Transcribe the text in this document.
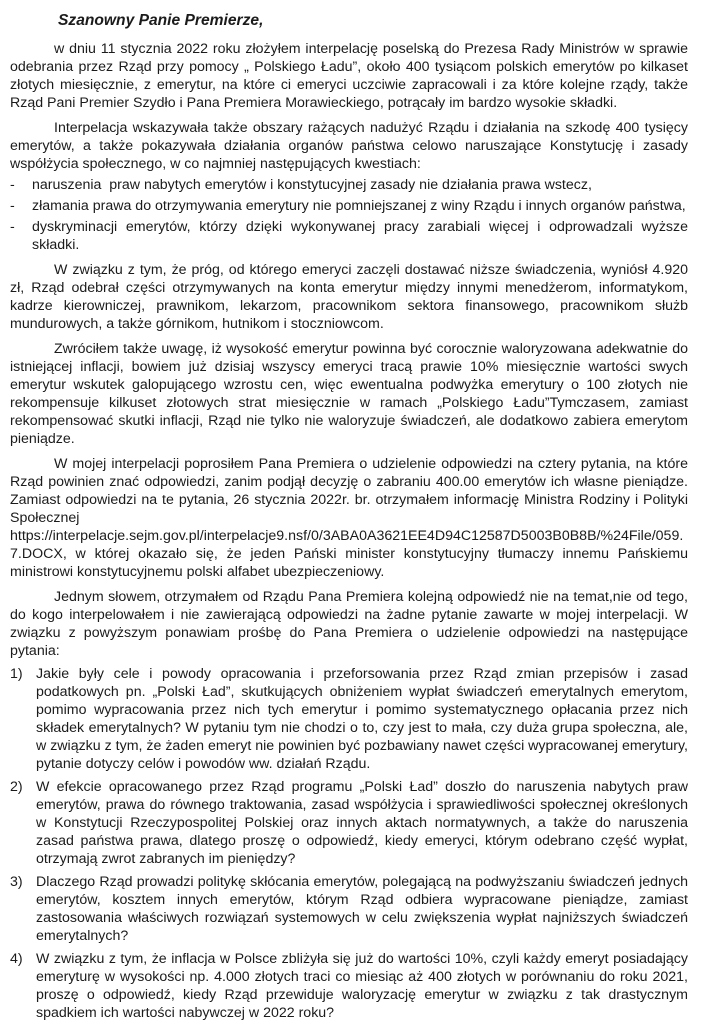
Szanowny Panie Premierze,

w dniu 11 stycznia 2022 roku złożyłem interpelację poselską do Prezesa Rady Ministrów w sprawie odebrania przez Rząd przy pomocy „ Polskiego Ładu”, około 400 tysiącom polskich emerytów po kilkaset złotych miesięcznie, z emerytur, na które ci emeryci uczciwie zapracowali i za które kolejne rządy, także Rząd Pani Premier Szydło i Pana Premiera Morawieckiego, potrącały im bardzo wysokie składki.

Interpelacja wskazywała także obszary rażących nadużyć Rządu i działania na szkodę 400 tysięcy emerytów, a także pokazywała działania organów państwa celowo naruszające Konstytucję i zasady współżycia społecznego, w co najmniej następujących kwestiach:

-	naruszenia  praw nabytych emerytów i konstytucyjnej zasady nie działania prawa wstecz,
-	złamania prawa do otrzymywania emerytury nie pomniejszanej z winy Rządu i innych organów państwa,
-	dyskryminacji emerytów, którzy dzięki wykonywanej pracy zarabiali więcej i odprowadzali wyższe składki.

W związku z tym, że próg, od którego emeryci zaczęli dostawać niższe świadczenia, wyniósł 4.920 zł, Rząd odebrał części otrzymywanych na konta emerytur między innymi menedżerom, informatykom, kadrze kierowniczej, prawnikom, lekarzom, pracownikom sektora finansowego, pracownikom służb mundurowych, a także górnikom, hutnikom i stoczniowcom.

Zwróciłem także uwagę, iż wysokość emerytur powinna być corocznie waloryzowana adekwatnie do istniejącej inflacji, bowiem już dzisiaj wszyscy emeryci tracą prawie 10% miesięcznie wartości swych emerytur wskutek galopującego wzrostu cen, więc ewentualna podwyżka emerytury o 100 złotych nie rekompensuje kilkuset złotowych strat miesięcznie w ramach „Polskiego Ładu”Tymczasem, zamiast rekompensować skutki inflacji, Rząd nie tylko nie waloryzuje świadczeń, ale dodatkowo zabiera emerytom pieniądze.

W mojej interpelacji poprosiłem Pana Premiera o udzielenie odpowiedzi na cztery pytania, na które Rząd powinien znać odpowiedzi, zanim podjął decyzję o zabraniu 400.00 emerytów ich własne pieniądze. Zamiast odpowiedzi na te pytania, 26 stycznia 2022r. br. otrzymałem informację Ministra Rodziny i Polityki Społecznej https://interpelacje.sejm.gov.pl/interpelacje9.nsf/0/3ABA0A3621EE4D94C12587D5003B0B8B/%24File/059.7.DOCX, w której okazało się, że jeden Pański minister konstytucyjny tłumaczy innemu Pańskiemu ministrowi konstytucyjnemu polski alfabet ubezpieczeniowy.

Jednym słowem, otrzymałem od Rządu Pana Premiera kolejną odpowiedź nie na temat,nie od tego, do kogo interpelowałem i nie zawierającą odpowiedzi na żadne pytanie zawarte w mojej interpelacji. W związku z powyższym ponawiam prośbę do Pana Premiera o udzielenie odpowiedzi na następujące pytania:

1) Jakie były cele i powody opracowania i przeforsowania przez Rząd zmian przepisów i zasad podatkowych pn. „Polski Ład”, skutkujących obniżeniem wypłat świadczeń emerytalnych emerytom, pomimo wypracowania przez nich tych emerytur i pomimo systematycznego opłacania przez nich składek emerytalnych? W pytaniu tym nie chodzi o to, czy jest to mała, czy duża grupa społeczna, ale, w związku z tym, że żaden emeryt nie powinien być pozbawiany nawet części wypracowanej emerytury, pytanie dotyczy celów i powodów ww. działań Rządu.
2) W efekcie opracowanego przez Rząd programu „Polski Ład” doszło do naruszenia nabytych praw emerytów, prawa do równego traktowania, zasad współżycia i sprawiedliwości społecznej określonych w Konstytucji Rzeczypospolitej Polskiej oraz innych aktach normatywnych, a także do naruszenia zasad państwa prawa, dlatego proszę o odpowiedź, kiedy emeryci, którym odebrano część wypłat, otrzymają zwrot zabranych im pieniędzy?
3) Dlaczego Rząd prowadzi politykę skłócania emerytów, polegającą na podwyższaniu świadczeń jednych emerytów, kosztem innych emerytów, którym Rząd odbiera wypracowane pieniądze, zamiast zastosowania właściwych rozwiązań systemowych w celu zwiększenia wypłat najniższych świadczeń emerytalnych?
4) W związku z tym, że inflacja w Polsce zbliżyła się już do wartości 10%, czyli każdy emeryt posiadający emeryturę w wysokości np. 4.000 złotych traci co miesiąc aż 400 złotych w porównaniu do roku 2021, proszę o odpowiedź, kiedy Rząd przewiduje waloryzację emerytur w związku z tak drastycznym spadkiem ich wartości nabywczej w 2022 roku?
